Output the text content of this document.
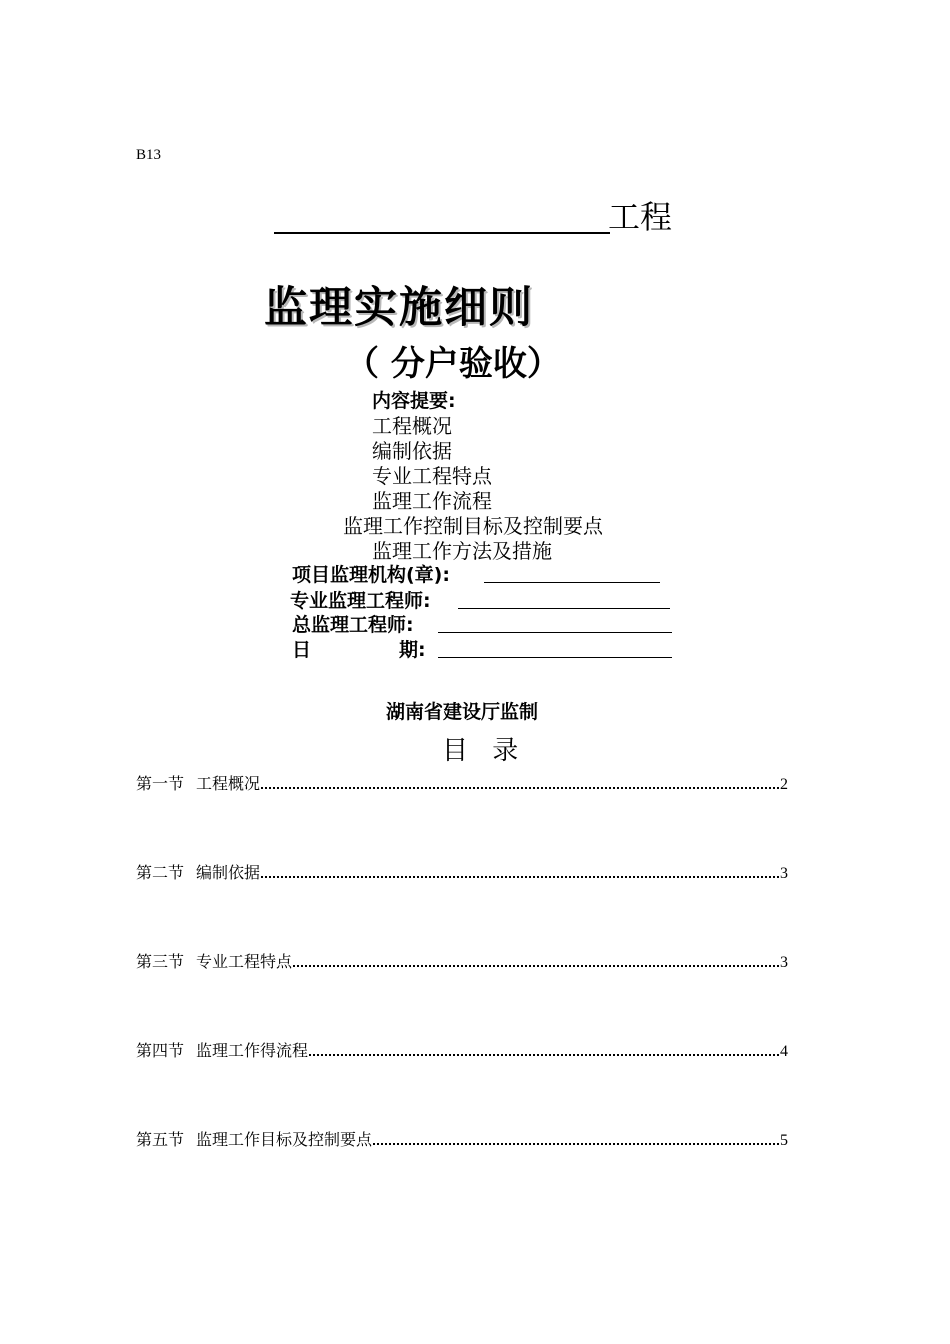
B13
工程
监理实施细则
（ 分户验收）
内容提要:
工程概况
编制依据
专业工程特点
监理工作流程
监理工作控制目标及控制要点
监理工作方法及措施
项目监理机构(章):
专业监理工程师:
总监理工程师:
日	期:
湖南省建设厅监制
目 录
第一节 工程概况	2
第二节 编制依据	3
第三节 专业工程特点	3
第四节 监理工作得流程	4
第五节 监理工作目标及控制要点	5
